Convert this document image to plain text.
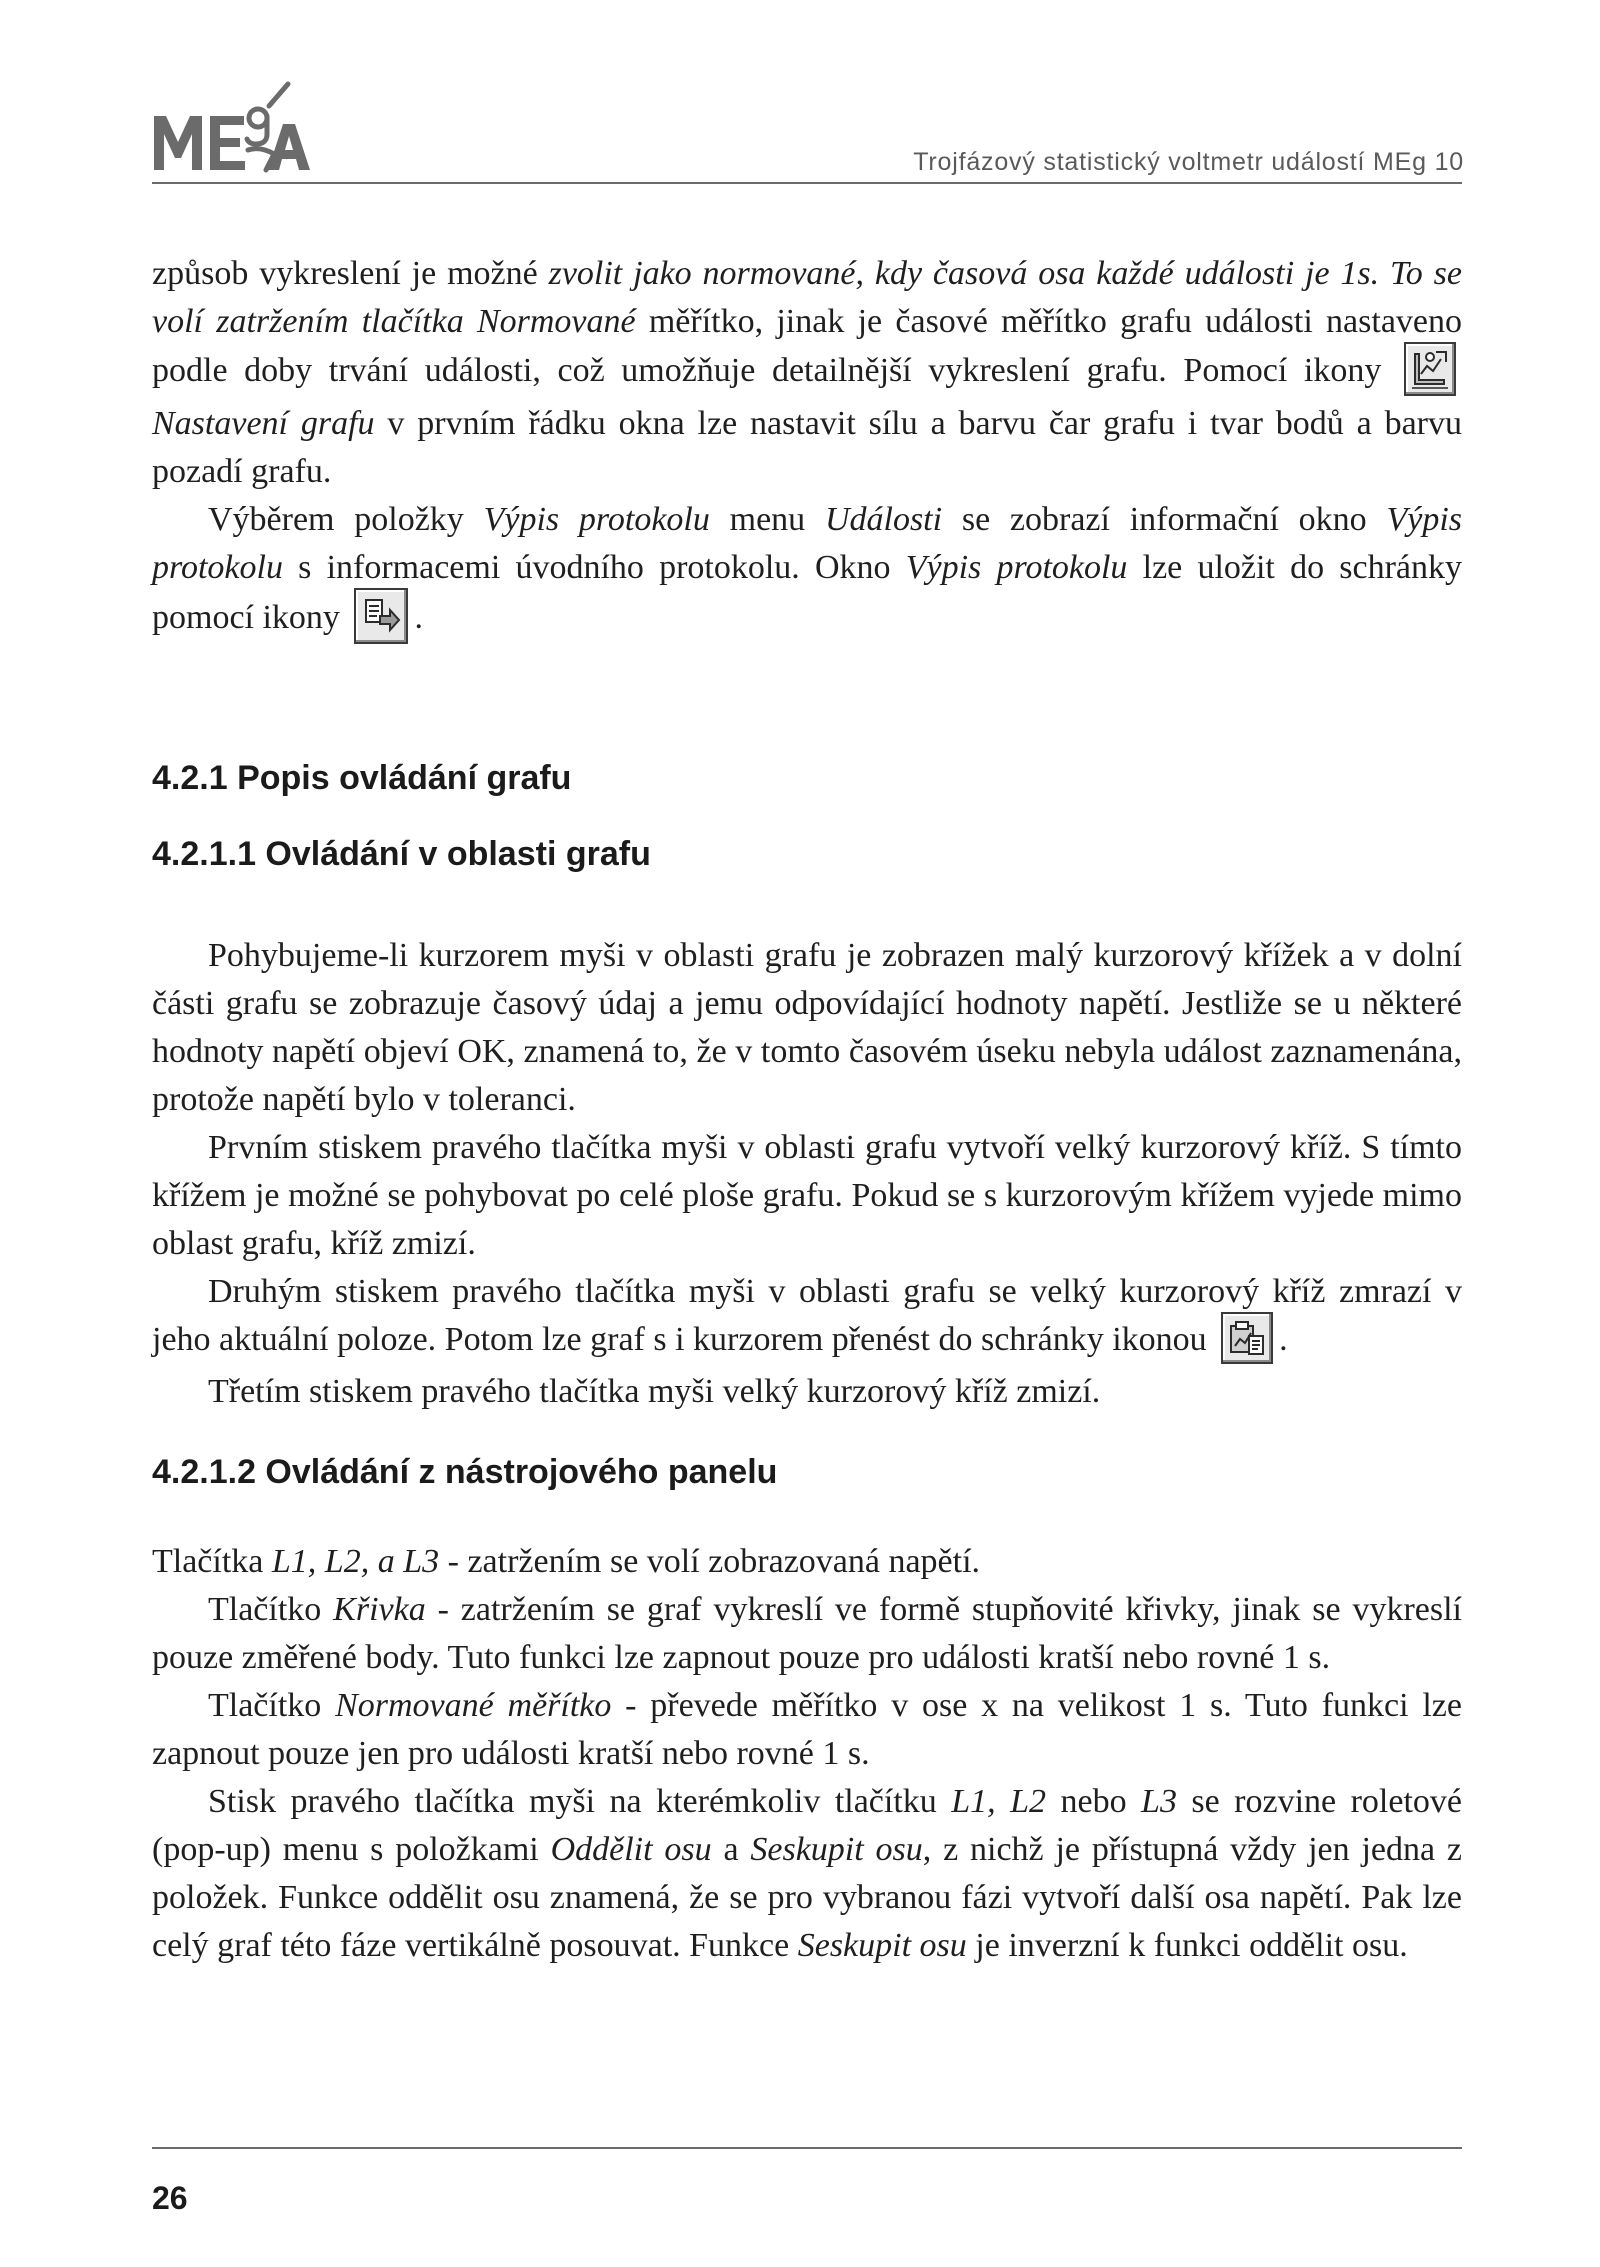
Trojfázový statistický voltmetr událostí MEg 10

způsob vykreslení je možné zvolit jako normované, kdy časová osa každé události je 1s. To se volí zatržením tlačítka Normované měřítko, jinak je časové měřítko grafu události nastaveno podle doby trvání události, což umožňuje detailnější vykreslení grafu. Pomocí ikony
Nastavení grafu v prvním řádku okna lze nastavit sílu a barvu čar grafu i tvar bodů a barvu pozadí grafu.

Výběrem položky Výpis protokolu menu Události se zobrazí informační okno Výpis protokolu s informacemi úvodního protokolu. Okno Výpis protokolu lze uložit do schránky pomocí ikony
.

4.2.1 Popis ovládání grafu
4.2.1.1 Ovládání v oblasti grafu

Pohybujeme-li kurzorem myši v oblasti grafu je zobrazen malý kurzorový křížek a v dolní části grafu se zobrazuje časový údaj a jemu odpovídající hodnoty napětí. Jestliže se u některé hodnoty napětí objeví OK, znamená to, že v tomto časovém úseku nebyla událost zaznamenána, protože napětí bylo v toleranci.

Prvním stiskem pravého tlačítka myši v oblasti grafu vytvoří velký kurzorový kříž. S tímto křížem je možné se pohybovat po celé ploše grafu. Pokud se s kurzorovým křížem vyjede mimo oblast grafu, kříž zmizí.

Druhým stiskem pravého tlačítka myši v oblasti grafu se velký kurzorový kříž zmrazí v jeho aktuální poloze. Potom lze graf s i kurzorem přenést do schránky ikonou
.

Třetím stiskem pravého tlačítka myši velký kurzorový kříž zmizí.

4.2.1.2 Ovládání z nástrojového panelu

Tlačítka L1, L2, a L3 - zatržením se volí zobrazovaná napětí.

Tlačítko Křivka - zatržením se graf vykreslí ve formě stupňovité křivky, jinak se vykreslí pouze změřené body. Tuto funkci lze zapnout pouze pro události kratší nebo rovné 1 s.

Tlačítko Normované měřítko - převede měřítko v ose x na velikost 1 s. Tuto funkci lze zapnout pouze jen pro události kratší nebo rovné 1 s.

Stisk pravého tlačítka myši na kterémkoliv tlačítku L1, L2 nebo L3 se rozvine roletové (pop-up) menu s položkami Oddělit osu a Seskupit osu, z nichž je přístupná vždy jen jedna z položek. Funkce oddělit osu znamená, že se pro vybranou fázi vytvoří další osa napětí. Pak lze celý graf této fáze vertikálně posouvat. Funkce Seskupit osu je inverzní k funkci oddělit osu.

26
